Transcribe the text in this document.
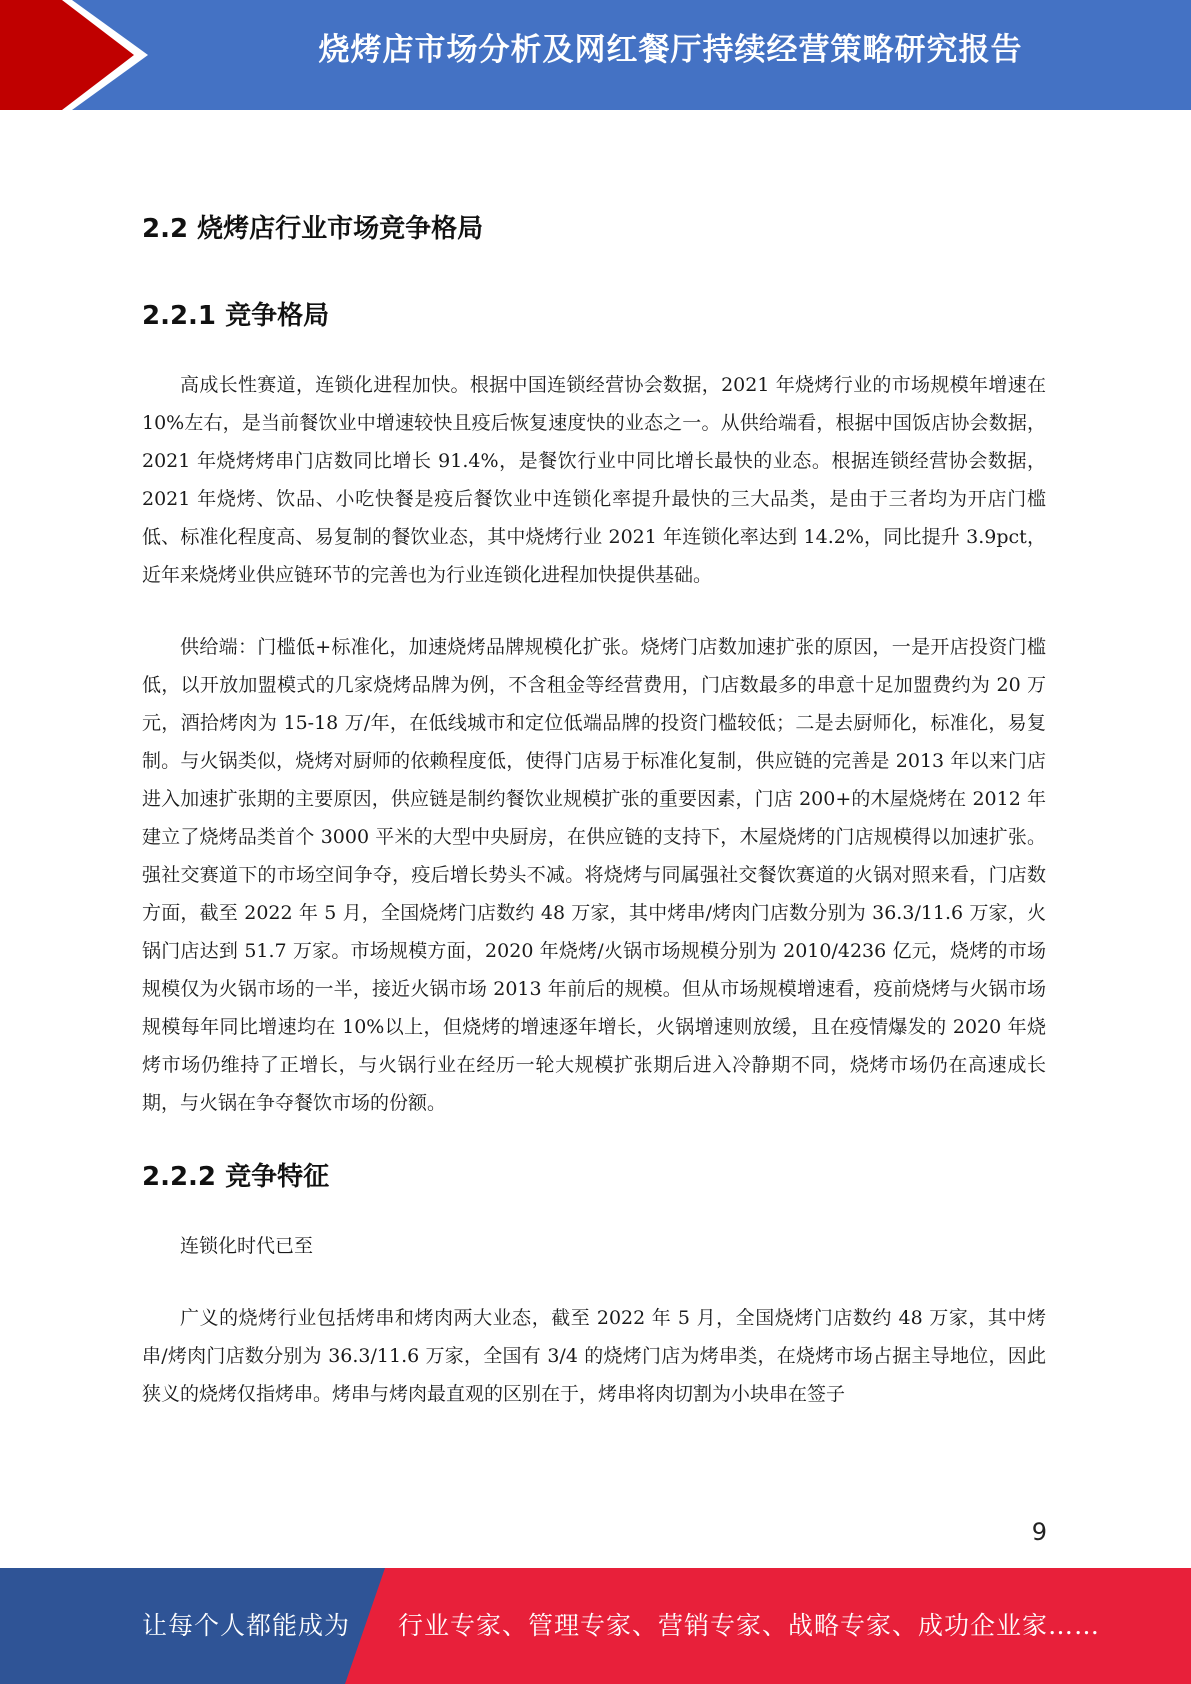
烧烤店市场分析及网红餐厅持续经营策略研究报告
2.2 烧烤店行业市场竞争格局
2.2.1 竞争格局

高成长性赛道，连锁化进程加快。根据中国连锁经营协会数据，2021 年烧烤行业的市场规模年增速在 10%左右，是当前餐饮业中增速较快且疫后恢复速度快的业态之一。从供给端看，根据中国饭店协会数据，2021 年烧烤烤串门店数同比增长 91.4%，是餐饮行业中同比增长最快的业态。根据连锁经营协会数据，2021 年烧烤、饮品、小吃快餐是疫后餐饮业中连锁化率提升最快的三大品类，是由于三者均为开店门槛低、标准化程度高、易复制的餐饮业态，其中烧烤行业 2021 年连锁化率达到 14.2%，同比提升 3.9pct，近年来烧烤业供应链环节的完善也为行业连锁化进程加快提供基础。

供给端：门槛低+标准化，加速烧烤品牌规模化扩张。烧烤门店数加速扩张的原因，一是开店投资门槛低，以开放加盟模式的几家烧烤品牌为例，不含租金等经营费用，门店数最多的串意十足加盟费约为 20 万元，酒拾烤肉为 15-18 万/年，在低线城市和定位低端品牌的投资门槛较低；二是去厨师化，标准化，易复制。与火锅类似，烧烤对厨师的依赖程度低，使得门店易于标准化复制，供应链的完善是 2013 年以来门店进入加速扩张期的主要原因，供应链是制约餐饮业规模扩张的重要因素，门店 200+的木屋烧烤在 2012 年建立了烧烤品类首个 3000 平米的大型中央厨房，在供应链的支持下，木屋烧烤的门店规模得以加速扩张。强社交赛道下的市场空间争夺，疫后增长势头不减。将烧烤与同属强社交餐饮赛道的火锅对照来看，门店数方面，截至 2022 年 5 月，全国烧烤门店数约 48 万家，其中烤串/烤肉门店数分别为 36.3/11.6 万家，火锅门店达到 51.7 万家。市场规模方面，2020 年烧烤/火锅市场规模分别为 2010/4236 亿元，烧烤的市场规模仅为火锅市场的一半，接近火锅市场 2013 年前后的规模。但从市场规模增速看，疫前烧烤与火锅市场规模每年同比增速均在 10%以上，但烧烤的增速逐年增长，火锅增速则放缓，且在疫情爆发的 2020 年烧烤市场仍维持了正增长，与火锅行业在经历一轮大规模扩张期后进入冷静期不同，烧烤市场仍在高速成长期，与火锅在争夺餐饮市场的份额。

2.2.2 竞争特征

连锁化时代已至

广义的烧烤行业包括烤串和烤肉两大业态，截至 2022 年 5 月，全国烧烤门店数约 48 万家，其中烤串/烤肉门店数分别为 36.3/11.6 万家，全国有 3/4 的烧烤门店为烤串类，在烧烤市场占据主导地位，因此狭义的烧烤仅指烤串。烤串与烤肉最直观的区别在于，烤串将肉切割为小块串在签子

9
让每个人都能成为 行业专家、管理专家、营销专家、战略专家、成功企业家……
